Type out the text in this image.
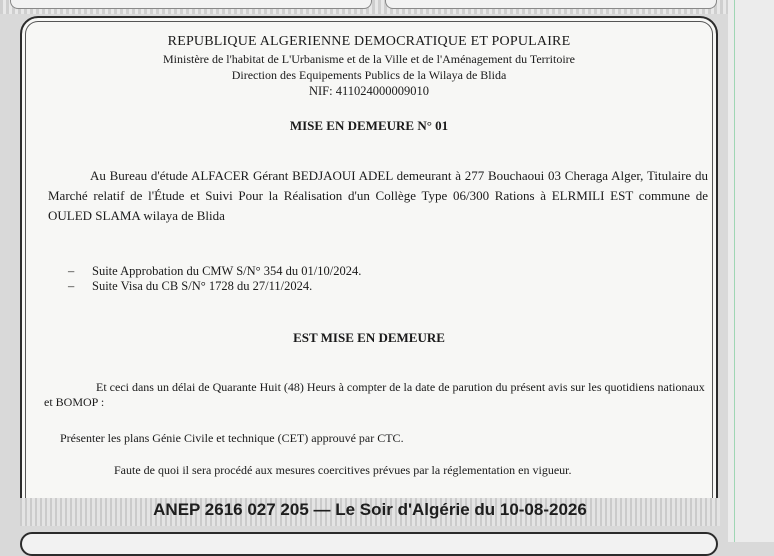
REPUBLIQUE ALGERIENNE DEMOCRATIQUE ET POPULAIRE

Ministère de l'habitat de L'Urbanisme et de la Ville et de l'Aménagement du Territoire

Direction des Equipements Publics de la Wilaya de Blida

NIF: 411024000009010

MISE EN DEMEURE N° 01

Au Bureau d'étude ALFACER Gérant BEDJAOUI ADEL demeurant à 277 Bouchaoui 03 Cheraga Alger, Titulaire du Marché relatif de l'Étude et Suivi Pour la Réalisation d'un Collège Type 06/300 Rations à ELRMILI EST commune de OULED SLAMA wilaya de Blida

– Suite Approbation du CMW S/N° 354 du 01/10/2024.
– Suite Visa du CB S/N° 1728 du 27/11/2024.

EST MISE EN DEMEURE

Et ceci dans un délai de Quarante Huit (48) Heurs à compter de la date de parution du présent avis sur les quotidiens nationaux et BOMOP :

Présenter les plans Génie Civile et technique (CET) approuvé par CTC.

Faute de quoi il sera procédé aux mesures coercitives prévues par la réglementation en vigueur.

ANEP 2616 027 205 — Le Soir d'Algérie du 10-08-2026
